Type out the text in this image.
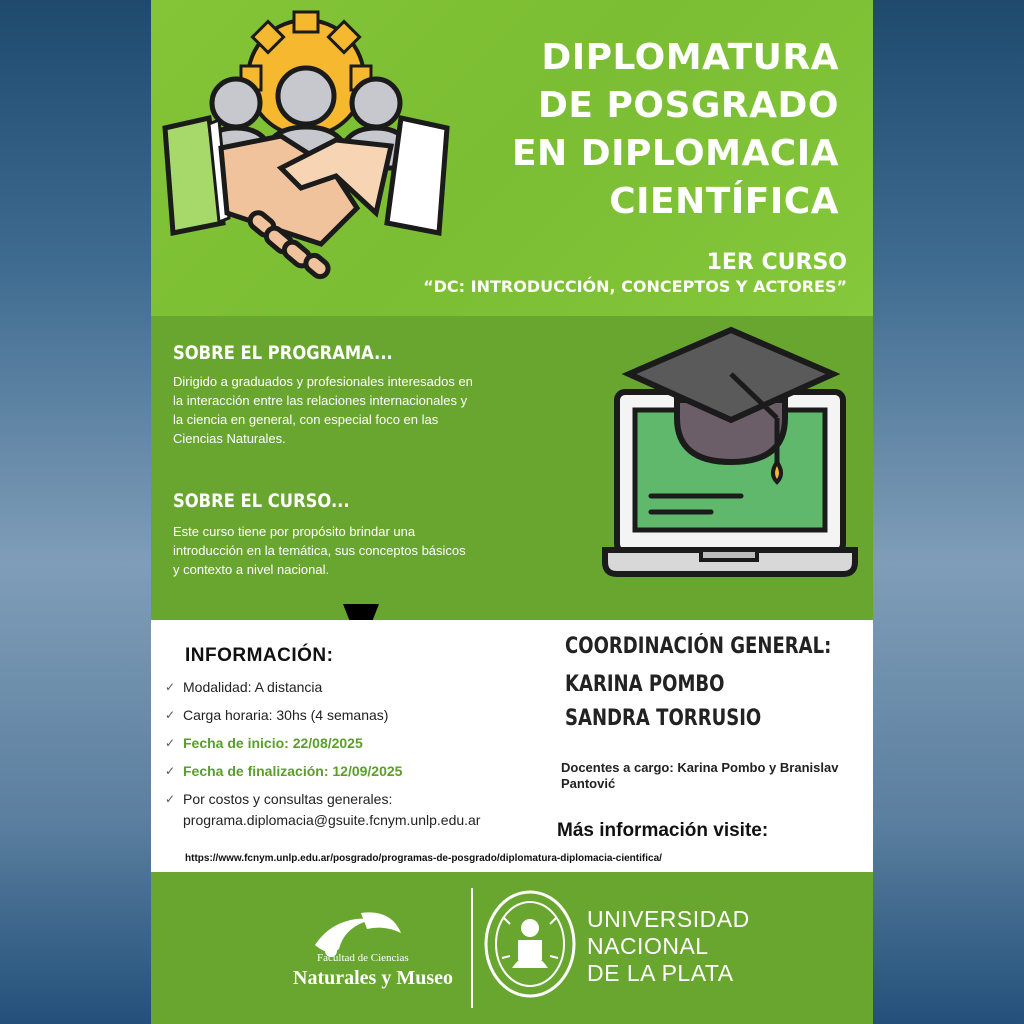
DIPLOMATURA
DE POSGRADO
EN DIPLOMACIA
CIENTÍFICA
1ER CURSO
“DC: INTRODUCCIÓN, CONCEPTOS Y ACTORES”
SOBRE EL PROGRAMA...

Dirigido a graduados y profesionales interesados en la interacción entre las relaciones internacionales y la ciencia en general, con especial foco en las Ciencias Naturales.

SOBRE EL CURSO...

Este curso tiene por propósito brindar una introducción en la temática, sus conceptos básicos y contexto a nivel nacional.

INFORMACIÓN:
✓ Modalidad: A distancia
✓ Carga horaria: 30hs (4 semanas)
✓ Fecha de inicio: 22/08/2025
✓ Fecha de finalización: 12/09/2025
✓ Por costos y consultas generales:
programa.diplomacia@gsuite.fcnym.unlp.edu.ar
COORDINACIÓN GENERAL:

KARINA POMBO

SANDRA TORRUSIO

Docentes a cargo: Karina Pombo y Branislav Pantović
Más información visite:
https://www.fcnym.unlp.edu.ar/posgrado/programas-de-posgrado/diplomatura-diplomacia-cientifica/
Facultad de Ciencias
Naturales y Museo
UNIVERSIDAD
NACIONAL
DE LA PLATA
